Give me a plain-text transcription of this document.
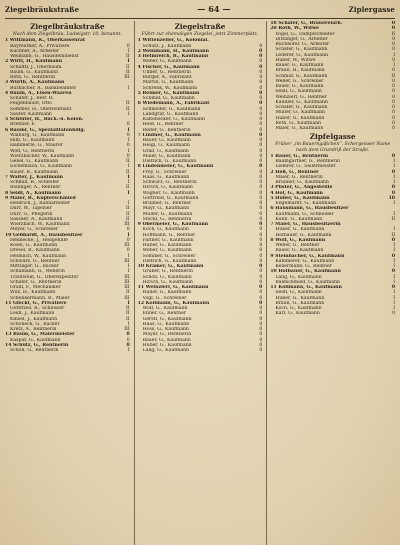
Ziegelbräukstraße	— 64 —	Ziplergasse
Ziegelbräukstraße
Nach dem Ziegelbräu, Ludwigstr. 10, benannt.
1 Wittmann, K., Oberkassenrat
Bayreuther, A., Privatiere	0
Kuchner, A., Arbeiter	I
Weimann, G., Hausdeindienst	II
2 Wirtl, H., Kaufmann	I
Schäfftl, J., Oberbaum.	II
Baum, G., Kaufmann	II
Roth, G., Rentnerin	III
3 Würth, A., Kaufmann
Burbacher, A., Bankbeamter	I
4 Baum, A., Eisen-Waaren
Schäfer, J., Betr. R.
Feigenbauer, Otto	II
Sommer, H., Oberleutnant	II
Sauter, Kaufmann	I
5 Schlüter, H., Bäck.-u. Kolon.
Brenner, F.	0
6 Bäuml, G., Spezialitätenhdlg.	I
Walburg, G., Kaufmann	0
Hilb, G., Kaufmann	I
Hämmerle, G., Maurer	0
Wolf, G., Rentnerin	I
Wierzbacher, W., Kaufmann	0
Gebel, G., Kaufmann	II
Eichenbach, G., Kaufmann	I
Bauer, B., Kaufmann	II
7 Walter, J., Kaufmann	I
Schmid, B., Schleifer	I
Bollinger, A., Rentner	II
8 Seidl, A., Kaufmann	I
9 Maier, B., Kupferschmied
Heinrich, J., Bahnarbeiter	I
Dürr, W., Tapezier	II
Dürr, G., Pflegerin	II
Sassner, A., Kaufmann	II
Wierzbach, W., Kaufmann	III
Meyer, G., Schreiner	0
10 Gebhardt, A., Hausbesitzer	I
Hennecke, J., Heilgehilfe	0
Kosel, G., Kaufmann	III
Dresel, B., Kaufmann	0
Heimlich, W., Kaufmann	I
Schwarz, G., Rentner	III
Mittinger, G., Bäcker	I
Schumann, G., Weberin	I
Trautwein, G., Oberexpeditor	III
Schäfer, G., Rentnerin	III
Gradl, F., Mechaniker	III
Wilz, H., Kaufmann	II
Schenkermann, B., Maler	III
11 Glöckl, G., Privatiere	I
Gottfried, B., Schlosser	II
Leidl, J., Kaufmann	II
Kinsel, J., Kaufmann	II
Schöneck, G., Bäcker	I
Kretz, A., Rentnerin	III
13 Baum, G., Malermeister	0
Kaspar, G., Kaufmann	0
14 Schütz, G., Rentnerin	0
Schön, G., Rentnerin	I
Ziegelstraße
Führt zur ehemaligen Ziegelei, jetzt Zimmerplatz.
1 Wittenzeller, G., Kolonial.
Schütz, J., Kaufmann	0
2 Weinmann, H., Kaufmann	0
3 Helmreich, B., Kaufmann	0
Weber, G., Kaufmann	0
4 Fischer, G., Kaufmann	0
Ulmer, G., Rentnerin	0
Burger, A., Fabrikant	0
Martin, G., Kaufmann	0
Schrenk, W., Kaufmann	0
5 Reimer, G., Kaufmann	0
Schmid, G., Kaufmann	0
6 Wiedemann, A., Fabrikant	0
Schneider, G., Kaufmann	0
Landgraf, G., Kaufmann	0
Kaltenecker, G., Kaufmann	0
Held, G., Rentner	0
Reiter, G., Rentnerin	0
7 Lindner, G., Kaufmann	0
Bauer, G., Kaufmann	0
Heigl, G., Kaufmann	0
Grad, G., Kaufmann	0
Maier, G., Kaufmann	0
Dietrich, G., Kaufmann	0
8 Lindenmeier, G., Kaufmann	0
Frey, G., Schreiner	0
Haas, G., Kaufmann	0
Schwarz, G., Rentnerin	0
Hirsch, G., Kaufmann	0
Wagner, G., Kaufmann	0
Gottfried, G., Kaufmann	0
Brunner, G., Rentner	0
Mayr, G., Kaufmann	0
Müller, G., Kaufmann	0
Stöckl, G., Rentnerin	0
9 Obermeier, G., Kaufmann	0
Koch, G., Kaufmann	0
Hoffmann, G., Rentner	0
Faltner, G., Kaufmann	0
Huber, G., Kaufmann	0
Weber, G., Kaufmann	0
Sommer, G., Schreiner	0
Dietrich, G., Kaufmann	0
10 Kramer, G., Kaufmann	0
Gruber, G., Rentnerin	0
Schön, G., Kaufmann	0
Hirsch, G., Kaufmann	0
11 Weinzierl, G., Kaufmann	0
Haller, G., Kaufmann	0
Vogl, G., Schreiner	0
12 Kollmann, G., Kaufmann	0
Wolf, G., Kaufmann	0
Ebner, G., Rentner	0
Gerstl, G., Kaufmann	0
Haas, G., Kaufmann	0
Hoss, G., Kaufmann	0
Mayer, G., Rentnerin	0
Bauer, G., Kaufmann	0
Huber, G., Kaufmann	0
Lang, G., Kaufmann	0
18 Schäfer, G., Brauereiarb.	0
20 Roth, W., Witwe	0
Vogel, G., Dampfschleifer	II
Dittlinger, G., Arbeiter	0
Buchhofer, G., Arbeiter	0
Schäfer, G., Kaufmann	0
Lederer, G., Kaufmann	I
Huber, W., Witwe	0
Bauer, G., Kaufmann	I
Braun, H., Kaufmann	0
Schmid, G., Kaufmann	II
Weber, G., Schreiner	0
Bauer, G., Kaufmann	0
Seidl, G., Kaufmann	0
Weinzierl, G., Rentner	0
Kandler, G., Kaufmann	0
Schäfer, G., Kaufmann	0
Müller, G., Kaufmann	0
Huber, G., Kaufmann	0
Roth, G., Kaufmann	0
Maier, G., Kaufmann	0
Zipfelgasse
Früher „im Bauerngäßchen“. Schergeisser Name nach dem Grundriß der Straße.
1 Bauer, G., Rentnerin	0
Baumgartner, G., Rentnerin	I
Lederer, G., Seilermeister	I
2 Heß, G., Rentner	0
Maier, G., Rentnerin	I
Brunner, G., Kaufmann	I
3 Pfister, G., Angestellte	0
4 Hof, G., Kaufmann	0
5 Huber, G., Kaufmann	10
Engelhardt, G., Kaufmann	I
6 Hausmann, G., Hausbesitzer
Kaufmann, G., Schneider	I
Kühn, G., Kaufmann	II
7 Maier, G., Hausbesitzerin
Huber, G., Kaufmann	I
Hofbauer, G., Kaufmann	II
8 Wolf, G., Kaufmann	0
Weber, G., Rentner	I
Bauer, G., Kaufmann	I
9 Steinbacher, G., Kaufmann	0
Kammerer, G., Kaufmann	I
Kellermann, G., Rentner	I
10 Hofbauer, G., Kaufmann	0
Lang, G., Kaufmann	I
Baldschmied, G., Kaufmann	I
11 Kollmann, G., Kaufmann	0
Seidl, G., Kaufmann	I
Huber, G., Kaufmann	I
Braun, G., Kaufmann	I
Koch, G., Kaufmann	I
Karl, G., Kaufmann	0
